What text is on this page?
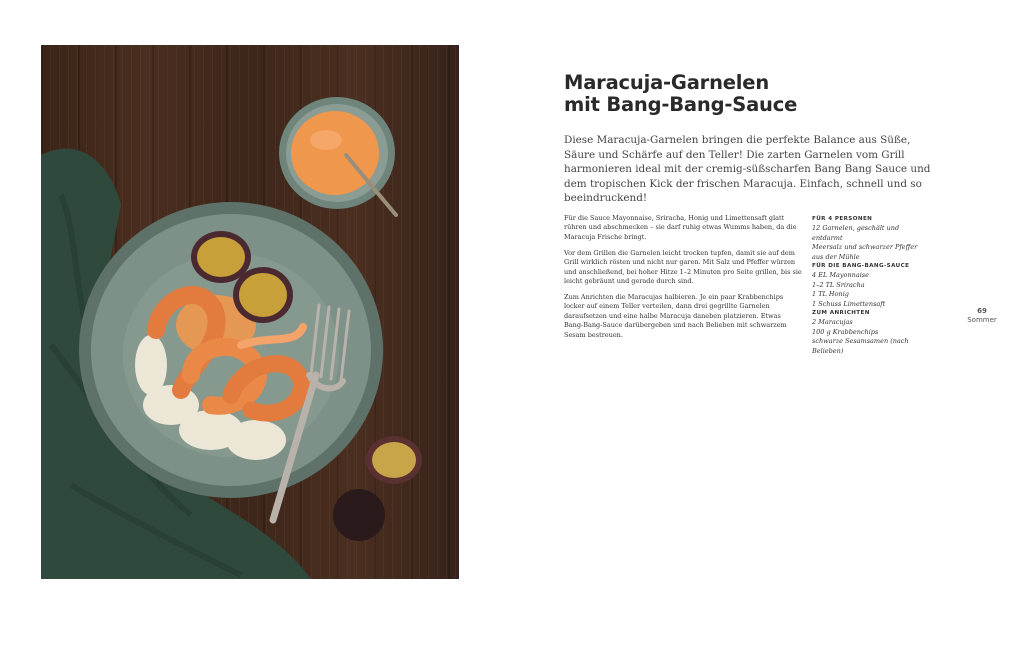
Maracuja-Garnelen
mit Bang-Bang-Sauce

Diese Maracuja-Garnelen bringen die perfekte Balance aus Süße, Säure und Schärfe auf den Teller! Die zarten Garnelen vom Grill harmonieren ideal mit der cremig-süßscharfen Bang Bang Sauce und dem tropischen Kick der frischen Maracuja. Einfach, schnell und so beeindruckend!

Für die Sauce Mayonnaise, Sriracha, Honig und Limettensaft glatt rühren und abschmecken – sie darf ruhig etwas Wumms haben, da die Maracuja Frische bringt.

Vor dem Grillen die Garnelen leicht trocken tupfen, damit sie auf dem Grill wirklich rösten und nicht nur garen. Mit Salz und Pfeffer würzen und anschließend, bei hoher Hitze 1–2 Minuten pro Seite grillen, bis sie leicht gebräunt und gerade durch sind.

Zum Anrichten die Maracujas halbieren. Je ein paar Krabbenchips locker auf einem Teller verteilen, dann drei gegrillte Garnelen daraufsetzen und eine halbe Maracuja daneben platzieren. Etwas Bang-Bang-Sauce darübergeben und nach Belieben mit schwarzem Sesam bestreuen.

FÜR 4 PERSONEN
12 Garnelen, geschält und
entdarmt
Meersalz und schwarzer Pfeffer
aus der Mühle
FÜR DIE BANG-BANG-SAUCE
4 EL Mayonnaise
1–2 TL Sriracha
1 TL Honig
1 Schuss Limettensaft
ZUM ANRICHTEN
2 Maracujas
100 g Krabbenchips
schwarze Sesamsamen (nach
Belieben)
69
Sommer
